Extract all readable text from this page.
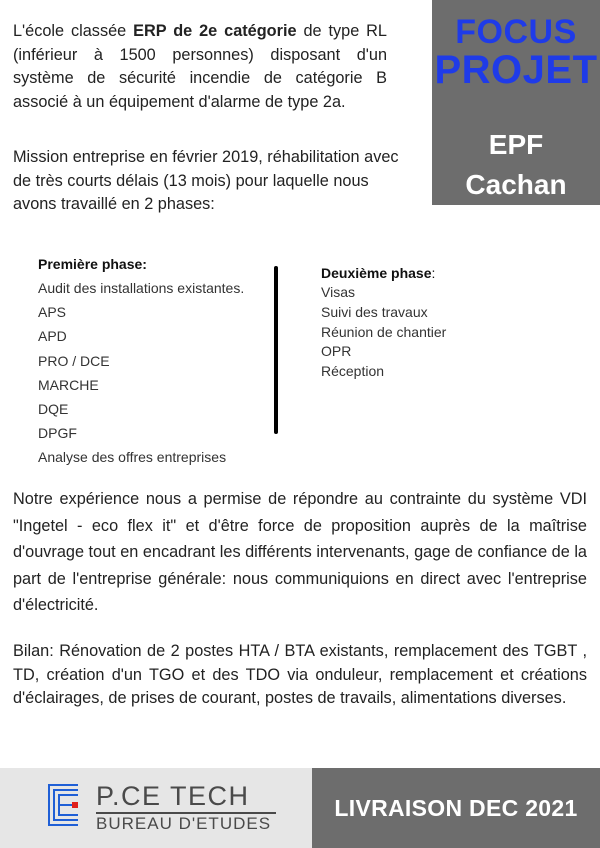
L'école classée ERP de 2e catégorie de type RL (inférieur à 1500 personnes) disposant d'un système de sécurité incendie de catégorie B associé à un équipement d'alarme de type 2a.

Mission entreprise en février 2019, réhabilitation avec de très courts délais (13 mois) pour laquelle nous avons travaillé en 2 phases:

FOCUS
PROJET
EPF
Cachan
Première phase:
Audit des installations existantes.
APS
APD
PRO / DCE
MARCHE
DQE
DPGF
Analyse des offres entreprises
Deuxième phase:
Visas
Suivi des travaux
Réunion de chantier
OPR
Réception

Notre expérience nous a permise de répondre au contrainte du système VDI "Ingetel - eco flex it" et d'être force de proposition auprès de la maîtrise d'ouvrage tout en encadrant les différents intervenants, gage de confiance de la part de l'entreprise générale: nous communiquions en direct avec l'entreprise d'électricité.

Bilan: Rénovation de 2 postes HTA / BTA existants, remplacement des TGBT , TD, création d'un TGO et des TDO via onduleur, remplacement et créations d'éclairages, de prises de courant, postes de travails, alimentations diverses.

P.CE TECH
BUREAU D'ETUDES
LIVRAISON DEC 2021
